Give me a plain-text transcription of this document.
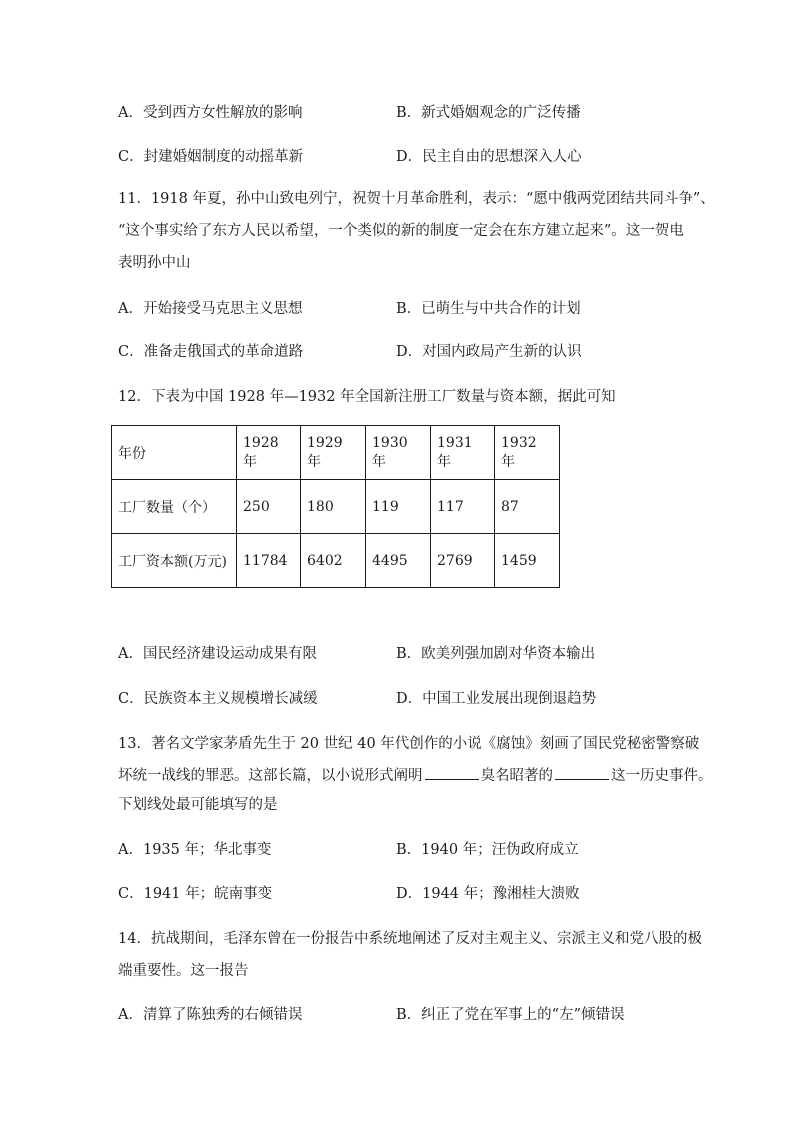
A．受到西方女性解放的影响	B．新式婚姻观念的广泛传播
C．封建婚姻制度的动摇革新	D．民主自由的思想深入人心
11．1918 年夏，孙中山致电列宁，祝贺十月革命胜利，表示：“愿中俄两党团结共同斗争”、
“这个事实给了东方人民以希望，一个类似的新的制度一定会在东方建立起来”。这一贺电
表明孙中山
A．开始接受马克思主义思想	B．已萌生与中共合作的计划
C．准备走俄国式的革命道路	D．对国内政局产生新的认识
12．下表为中国 1928 年—1932 年全国新注册工厂数量与资本额，据此可知
年份	1928 年	1929 年	1930 年	1931 年	1932 年
工厂数量（个）	250	180	119	117	87
工厂资本额(万元)	11784	6402	4495	2769	1459
A．国民经济建设运动成果有限	B．欧美列强加剧对华资本输出
C．民族资本主义规模增长减缓	D．中国工业发展出现倒退趋势
13．著名文学家茅盾先生于 20 世纪 40 年代创作的小说《腐蚀》刻画了国民党秘密警察破
坏统一战线的罪恶。这部长篇，以小说形式阐明	臭名昭著的	这一历史事件。
下划线处最可能填写的是
A．1935 年；华北事变	B．1940 年；汪伪政府成立
C．1941 年；皖南事变	D．1944 年；豫湘桂大溃败
14．抗战期间，毛泽东曾在一份报告中系统地阐述了反对主观主义、宗派主义和党八股的极
端重要性。这一报告
A．清算了陈独秀的右倾错误	B．纠正了党在军事上的“左”倾错误
